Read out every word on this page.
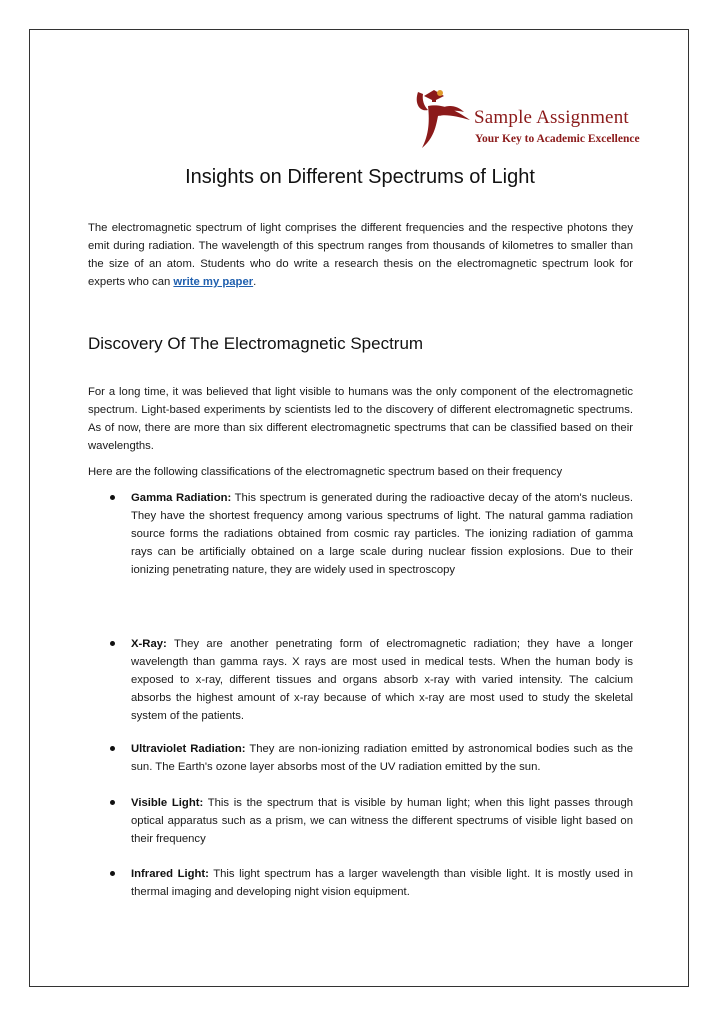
Sample Assignment
Your Key to Academic Excellence
Insights on Different Spectrums of Light

The electromagnetic spectrum of light comprises the different frequencies and the respective photons they emit during radiation. The wavelength of this spectrum ranges from thousands of kilometres to smaller than the size of an atom. Students who do write a research thesis on the electromagnetic spectrum look for experts who can write my paper.

Discovery Of The Electromagnetic Spectrum

For a long time, it was believed that light visible to humans was the only component of the electromagnetic spectrum. Light-based experiments by scientists led to the discovery of different electromagnetic spectrums. As of now, there are more than six different electromagnetic spectrums that can be classified based on their wavelengths.

Here are the following classifications of the electromagnetic spectrum based on their frequency

Gamma Radiation: This spectrum is generated during the radioactive decay of the atom's nucleus. They have the shortest frequency among various spectrums of light. The natural gamma radiation source forms the radiations obtained from cosmic ray particles. The ionizing radiation of gamma rays can be artificially obtained on a large scale during nuclear fission explosions. Due to their ionizing penetrating nature, they are widely used in spectroscopy

X-Ray: They are another penetrating form of electromagnetic radiation; they have a longer wavelength than gamma rays. X rays are most used in medical tests. When the human body is exposed to x-ray, different tissues and organs absorb x-ray with varied intensity. The calcium absorbs the highest amount of x-ray because of which x-ray are most used to study the skeletal system of the patients.

Ultraviolet Radiation: They are non-ionizing radiation emitted by astronomical bodies such as the sun. The Earth's ozone layer absorbs most of the UV radiation emitted by the sun.

Visible Light: This is the spectrum that is visible by human light; when this light passes through optical apparatus such as a prism, we can witness the different spectrums of visible light based on their frequency

Infrared Light: This light spectrum has a larger wavelength than visible light. It is mostly used in thermal imaging and developing night vision equipment.
